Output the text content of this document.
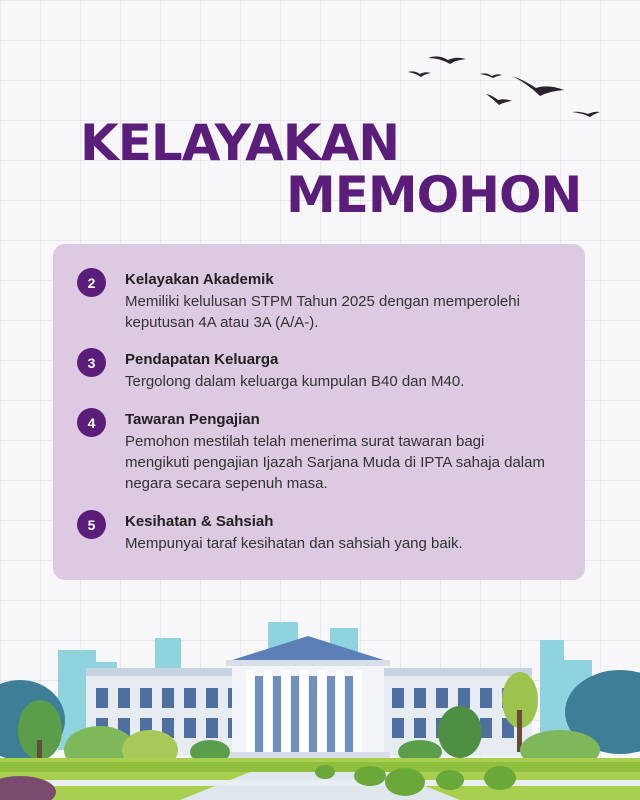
KELAYAKAN
MEMOHON
2	Kelayakan Akademik

Memiliki kelulusan STPM Tahun 2025 dengan memperolehi keputusan 4A atau 3A (A/A-).

3	Pendapatan Keluarga

Tergolong dalam keluarga kumpulan B40 dan M40.

4	Tawaran Pengajian

Pemohon mestilah telah menerima surat tawaran bagi mengikuti pengajian Ijazah Sarjana Muda di IPTA sahaja dalam negara secara sepenuh masa.

5	Kesihatan & Sahsiah

Mempunyai taraf kesihatan dan sahsiah yang baik.
